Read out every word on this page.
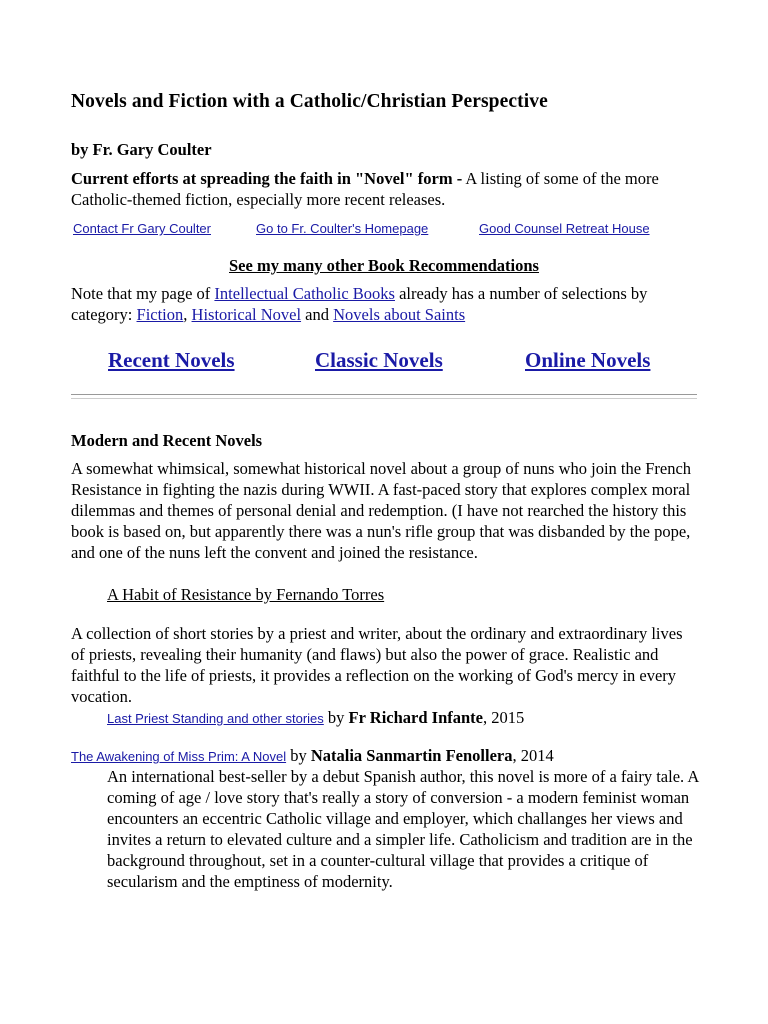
Novels and Fiction with a Catholic/Christian Perspective
by Fr. Gary Coulter
Current efforts at spreading the faith in "Novel" form - A listing of some of the more Catholic-themed fiction, especially more recent releases.
Contact Fr Gary Coulter	Go to Fr. Coulter's Homepage	Good Counsel Retreat House
See my many other Book Recommendations
Note that my page of Intellectual Catholic Books already has a number of selections by category: Fiction, Historical Novel and Novels about Saints
Recent Novels	Classic Novels	Online Novels
Modern and Recent Novels
A somewhat whimsical, somewhat historical novel about a group of nuns who join the French Resistance in fighting the nazis during WWII. A fast-paced story that explores complex moral dilemmas and themes of personal denial and redemption. (I have not rearched the history this book is based on, but apparently there was a nun's rifle group that was disbanded by the pope, and one of the nuns left the convent and joined the resistance.
A Habit of Resistance by Fernando Torres
A collection of short stories by a priest and writer, about the ordinary and extraordinary lives of priests, revealing their humanity (and flaws) but also the power of grace. Realistic and faithful to the life of priests, it provides a reflection on the working of God's mercy in every vocation.
Last Priest Standing and other stories by Fr Richard Infante, 2015
The Awakening of Miss Prim: A Novel by Natalia Sanmartin Fenollera, 2014
An international best-seller by a debut Spanish author, this novel is more of a fairy tale. A coming of age / love story that's really a story of conversion - a modern feminist woman encounters an eccentric Catholic village and employer, which challanges her views and invites a return to elevated culture and a simpler life. Catholicism and tradition are in the background throughout, set in a counter-cultural village that provides a critique of secularism and the emptiness of modernity.
